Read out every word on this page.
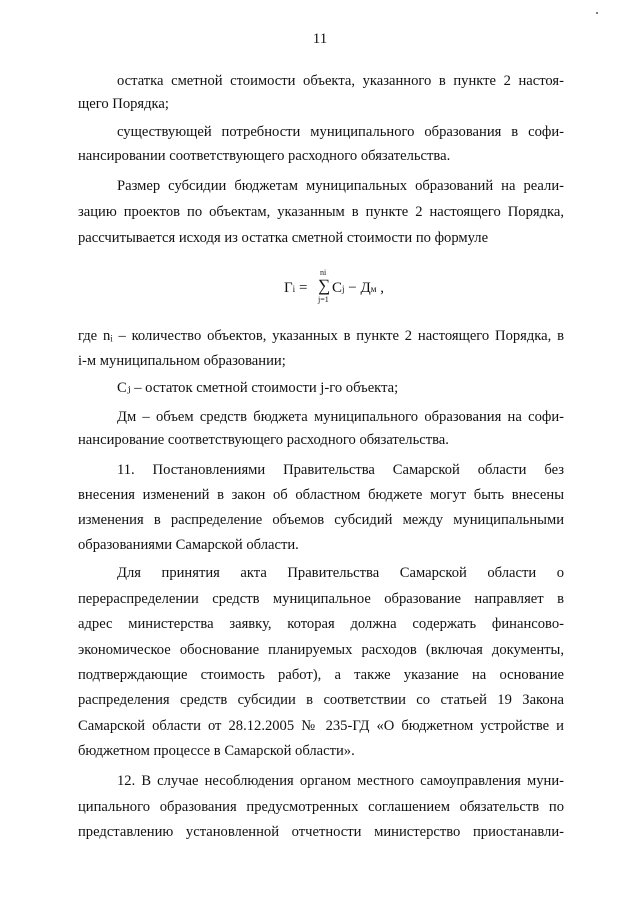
11
остатка сметной стоимости объекта, указанного в пункте 2 настоя-
щего Порядка;
существующей потребности муниципального образования в софи-
нансировании соответствующего расходного обязательства.
Размер субсидии бюджетам муниципальных образований на реали-
зацию проектов по объектам, указанным в пункте 2 настоящего Порядка,
рассчитывается исходя из остатка сметной стоимости по формуле
Гi =
ni
∑
j=1
Cj − Дм ,
где nᵢ – количество объектов, указанных в пункте 2 настоящего Порядка, в
i-м муниципальном образовании;
Cⱼ – остаток сметной стоимости j-го объекта;
Дм – объем средств бюджета муниципального образования на софи-
нансирование соответствующего расходного обязательства.
11. Постановлениями Правительства Самарской области без
внесения изменений в закон об областном бюджете могут быть внесены
изменения в распределение объемов субсидий между муниципальными
образованиями Самарской области.
Для принятия акта Правительства Самарской области о
перераспределении средств муниципальное образование направляет в
адрес министерства заявку, которая должна содержать финансово-
экономическое обоснование планируемых расходов (включая документы,
подтверждающие стоимость работ), а также указание на основание
распределения средств субсидии в соответствии со статьей 19 Закона
Самарской области от 28.12.2005 № 235-ГД «О бюджетном устройстве и
бюджетном процессе в Самарской области».
12. В случае несоблюдения органом местного самоуправления муни-
ципального образования предусмотренных соглашением обязательств по
представлению установленной отчетности министерство приостанавли-
